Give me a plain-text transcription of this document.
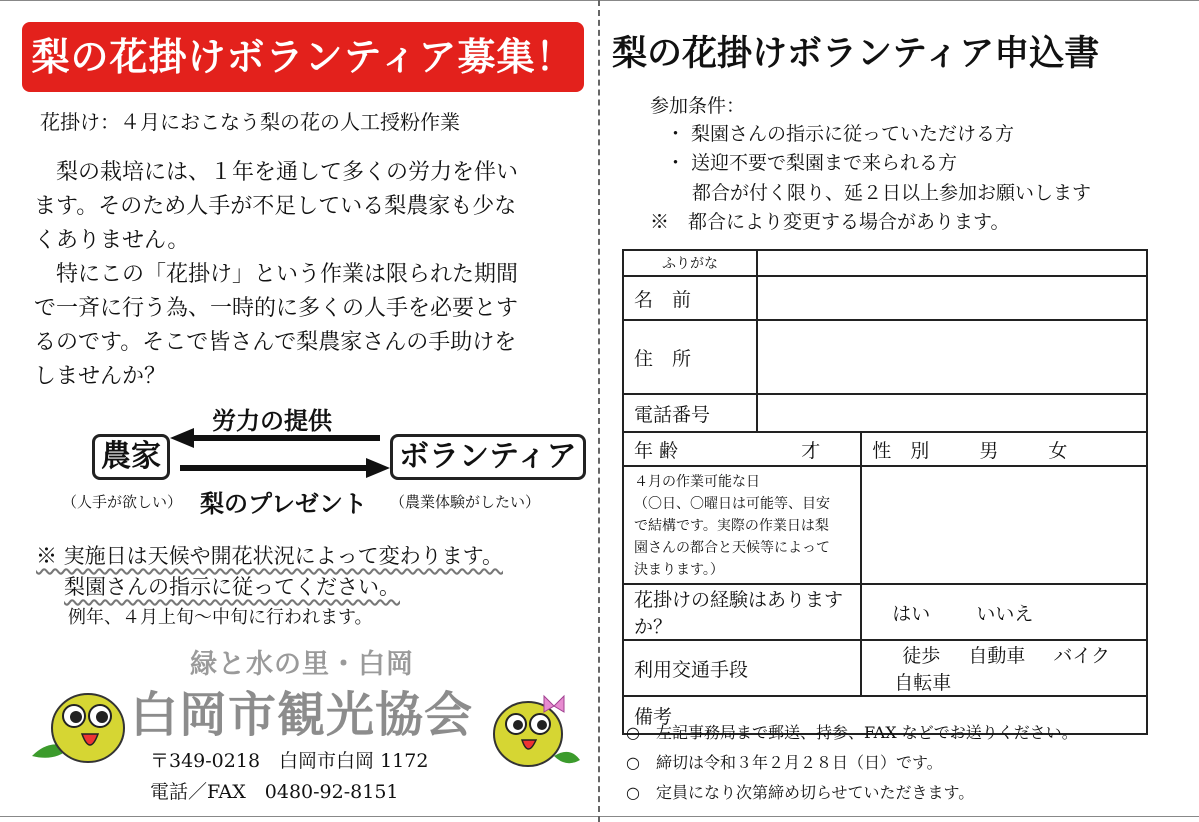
梨の花掛けボランティア募集！
花掛け：４月におこなう梨の花の人工授粉作業
　梨の栽培には、１年を通して多くの労力を伴い
ます。そのため人手が不足している梨農家も少な
くありません。
　特にこの「花掛け」という作業は限られた期間
で一斉に行う為、一時的に多くの人手を必要とす
るのです。そこで皆さんで梨農家さんの手助けを
しませんか？
労力の提供
農家	ボランティア
梨のプレゼント
（人手が欲しい）	（農業体験がしたい）
※ 実施日は天候や開花状況によって変わります。
梨園さんの指示に従ってください。
例年、４月上旬～中旬に行われます。
緑と水の里・白岡
白岡市観光協会
〒349-0218　白岡市白岡 1172
電話／FAX　0480-92-8151
梨の花掛けボランティア申込書
参加条件：
・ 梨園さんの指示に従っていただける方
・ 送迎不要で梨園まで来られる方
都合が付く限り、延２日以上参加お願いします
※　都合により変更する場合があります。
ふりがな		
名　前		
住　所		
電話番号		
年 齢 才		性　別 男 女

４月の作業可能な日
（〇日、〇曜日は可能等、目安
で結構です。実際の作業日は梨
園さんの都合と天候等によって
決まります。）		

花掛けの経験はありますか？		はい いいえ
利用交通手段		徒歩 自動車 バイク 自転車
備考		
○　左記事務局まで郵送、持参、FAX などでお送りください。
○　締切は令和３年２月２８日（日）です。
○　定員になり次第締め切らせていただきます。
